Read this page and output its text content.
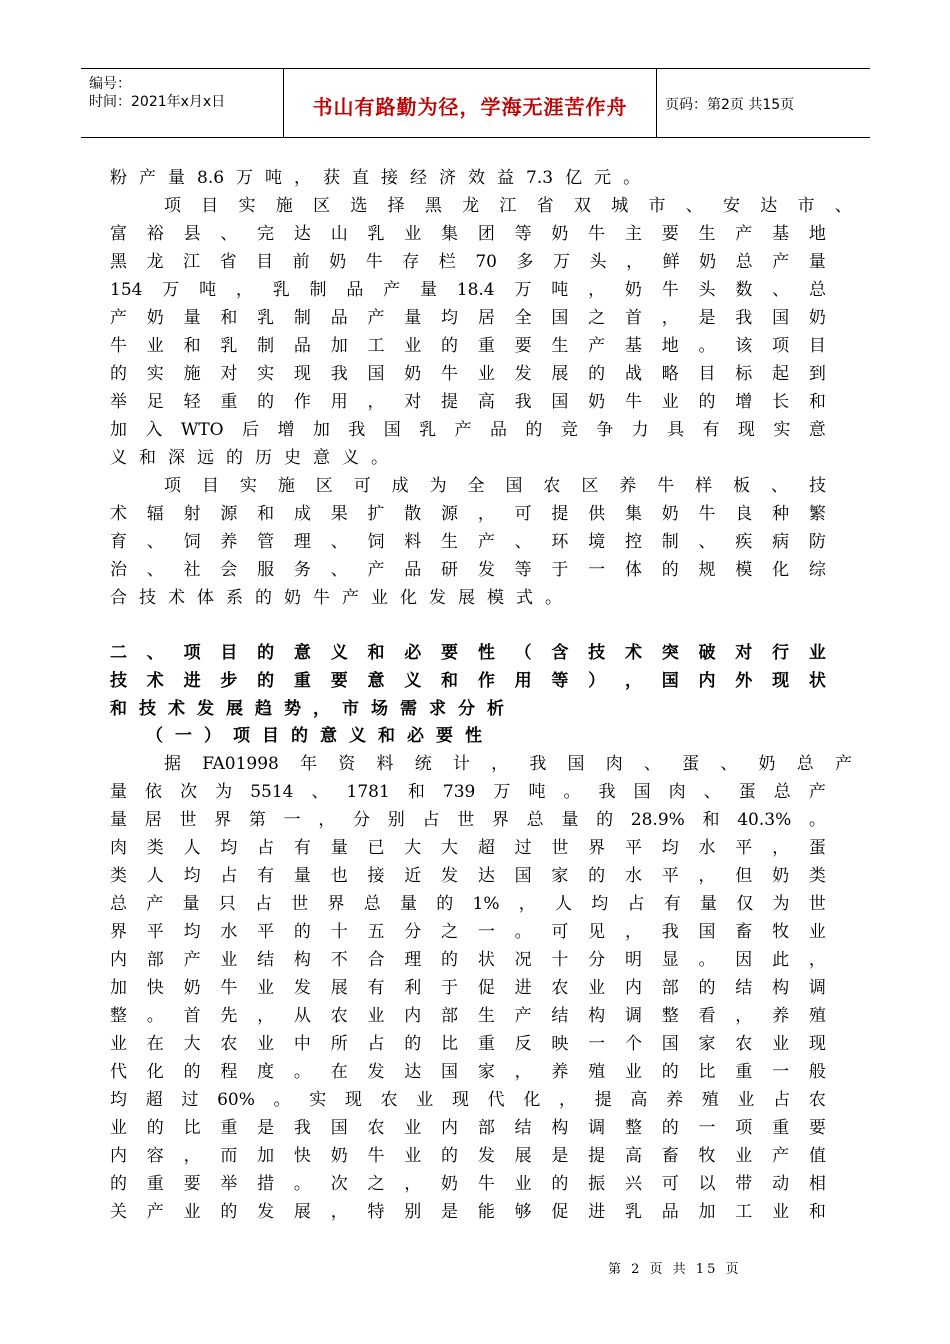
编号：
时间：2021年x月x日	书山有路勤为径，学海无涯苦作舟	页码：第2页 共15页
粉 产 量 8.6 万 吨 ， 获 直 接 经 济 效 益 7.3 亿 元 。
项 目 实 施 区 选 择 黑 龙 江 省 双 城 市 、 安 达 市 、
富 裕 县 、 完 达 山 乳 业 集 团 等 奶 牛 主 要 生 产 基 地
黑 龙 江 省 目 前 奶 牛 存 栏 70 多 万 头 ， 鲜 奶 总 产 量
154 万 吨 ， 乳 制 品 产 量 18.4 万 吨 ， 奶 牛 头 数 、 总
产 奶 量 和 乳 制 品 产 量 均 居 全 国 之 首 ， 是 我 国 奶
牛 业 和 乳 制 品 加 工 业 的 重 要 生 产 基 地 。 该 项 目
的 实 施 对 实 现 我 国 奶 牛 业 发 展 的 战 略 目 标 起 到
举 足 轻 重 的 作 用 ， 对 提 高 我 国 奶 牛 业 的 增 长 和
加 入 WTO 后 增 加 我 国 乳 产 品 的 竞 争 力 具 有 现 实 意
义 和 深 远 的 历 史 意 义 。
项 目 实 施 区 可 成 为 全 国 农 区 养 牛 样 板 、 技
术 辐 射 源 和 成 果 扩 散 源 ， 可 提 供 集 奶 牛 良 种 繁
育 、 饲 养 管 理 、 饲 料 生 产 、 环 境 控 制 、 疾 病 防
治 、 社 会 服 务 、 产 品 研 发 等 于 一 体 的 规 模 化 综
合 技 术 体 系 的 奶 牛 产 业 化 发 展 模 式 。
二 、 项 目 的 意 义 和 必 要 性 （ 含 技 术 突 破 对 行 业
技 术 进 步 的 重 要 意 义 和 作 用 等 ） ， 国 内 外 现 状
和 技 术 发 展 趋 势 ， 市 场 需 求 分 析
（ 一 ） 项 目 的 意 义 和 必 要 性
据 FA01998 年 资 料 统 计 ， 我 国 肉 、 蛋 、 奶 总 产
量 依 次 为 5514 、 1781 和 739 万 吨 。 我 国 肉 、 蛋 总 产
量 居 世 界 第 一 ， 分 别 占 世 界 总 量 的 28.9% 和 40.3% 。
肉 类 人 均 占 有 量 已 大 大 超 过 世 界 平 均 水 平 ， 蛋
类 人 均 占 有 量 也 接 近 发 达 国 家 的 水 平 ， 但 奶 类
总 产 量 只 占 世 界 总 量 的 1% ， 人 均 占 有 量 仅 为 世
界 平 均 水 平 的 十 五 分 之 一 。 可 见 ， 我 国 畜 牧 业
内 部 产 业 结 构 不 合 理 的 状 况 十 分 明 显 。 因 此 ，
加 快 奶 牛 业 发 展 有 利 于 促 进 农 业 内 部 的 结 构 调
整 。 首 先 ， 从 农 业 内 部 生 产 结 构 调 整 看 ， 养 殖
业 在 大 农 业 中 所 占 的 比 重 反 映 一 个 国 家 农 业 现
代 化 的 程 度 。 在 发 达 国 家 ， 养 殖 业 的 比 重 一 般
均 超 过 60% 。 实 现 农 业 现 代 化 ， 提 高 养 殖 业 占 农
业 的 比 重 是 我 国 农 业 内 部 结 构 调 整 的 一 项 重 要
内 容 ， 而 加 快 奶 牛 业 的 发 展 是 提 高 畜 牧 业 产 值
的 重 要 举 措 。 次 之 ， 奶 牛 业 的 振 兴 可 以 带 动 相
关 产 业 的 发 展 ， 特 别 是 能 够 促 进 乳 品 加 工 业 和
第 2 页 共 15 页
